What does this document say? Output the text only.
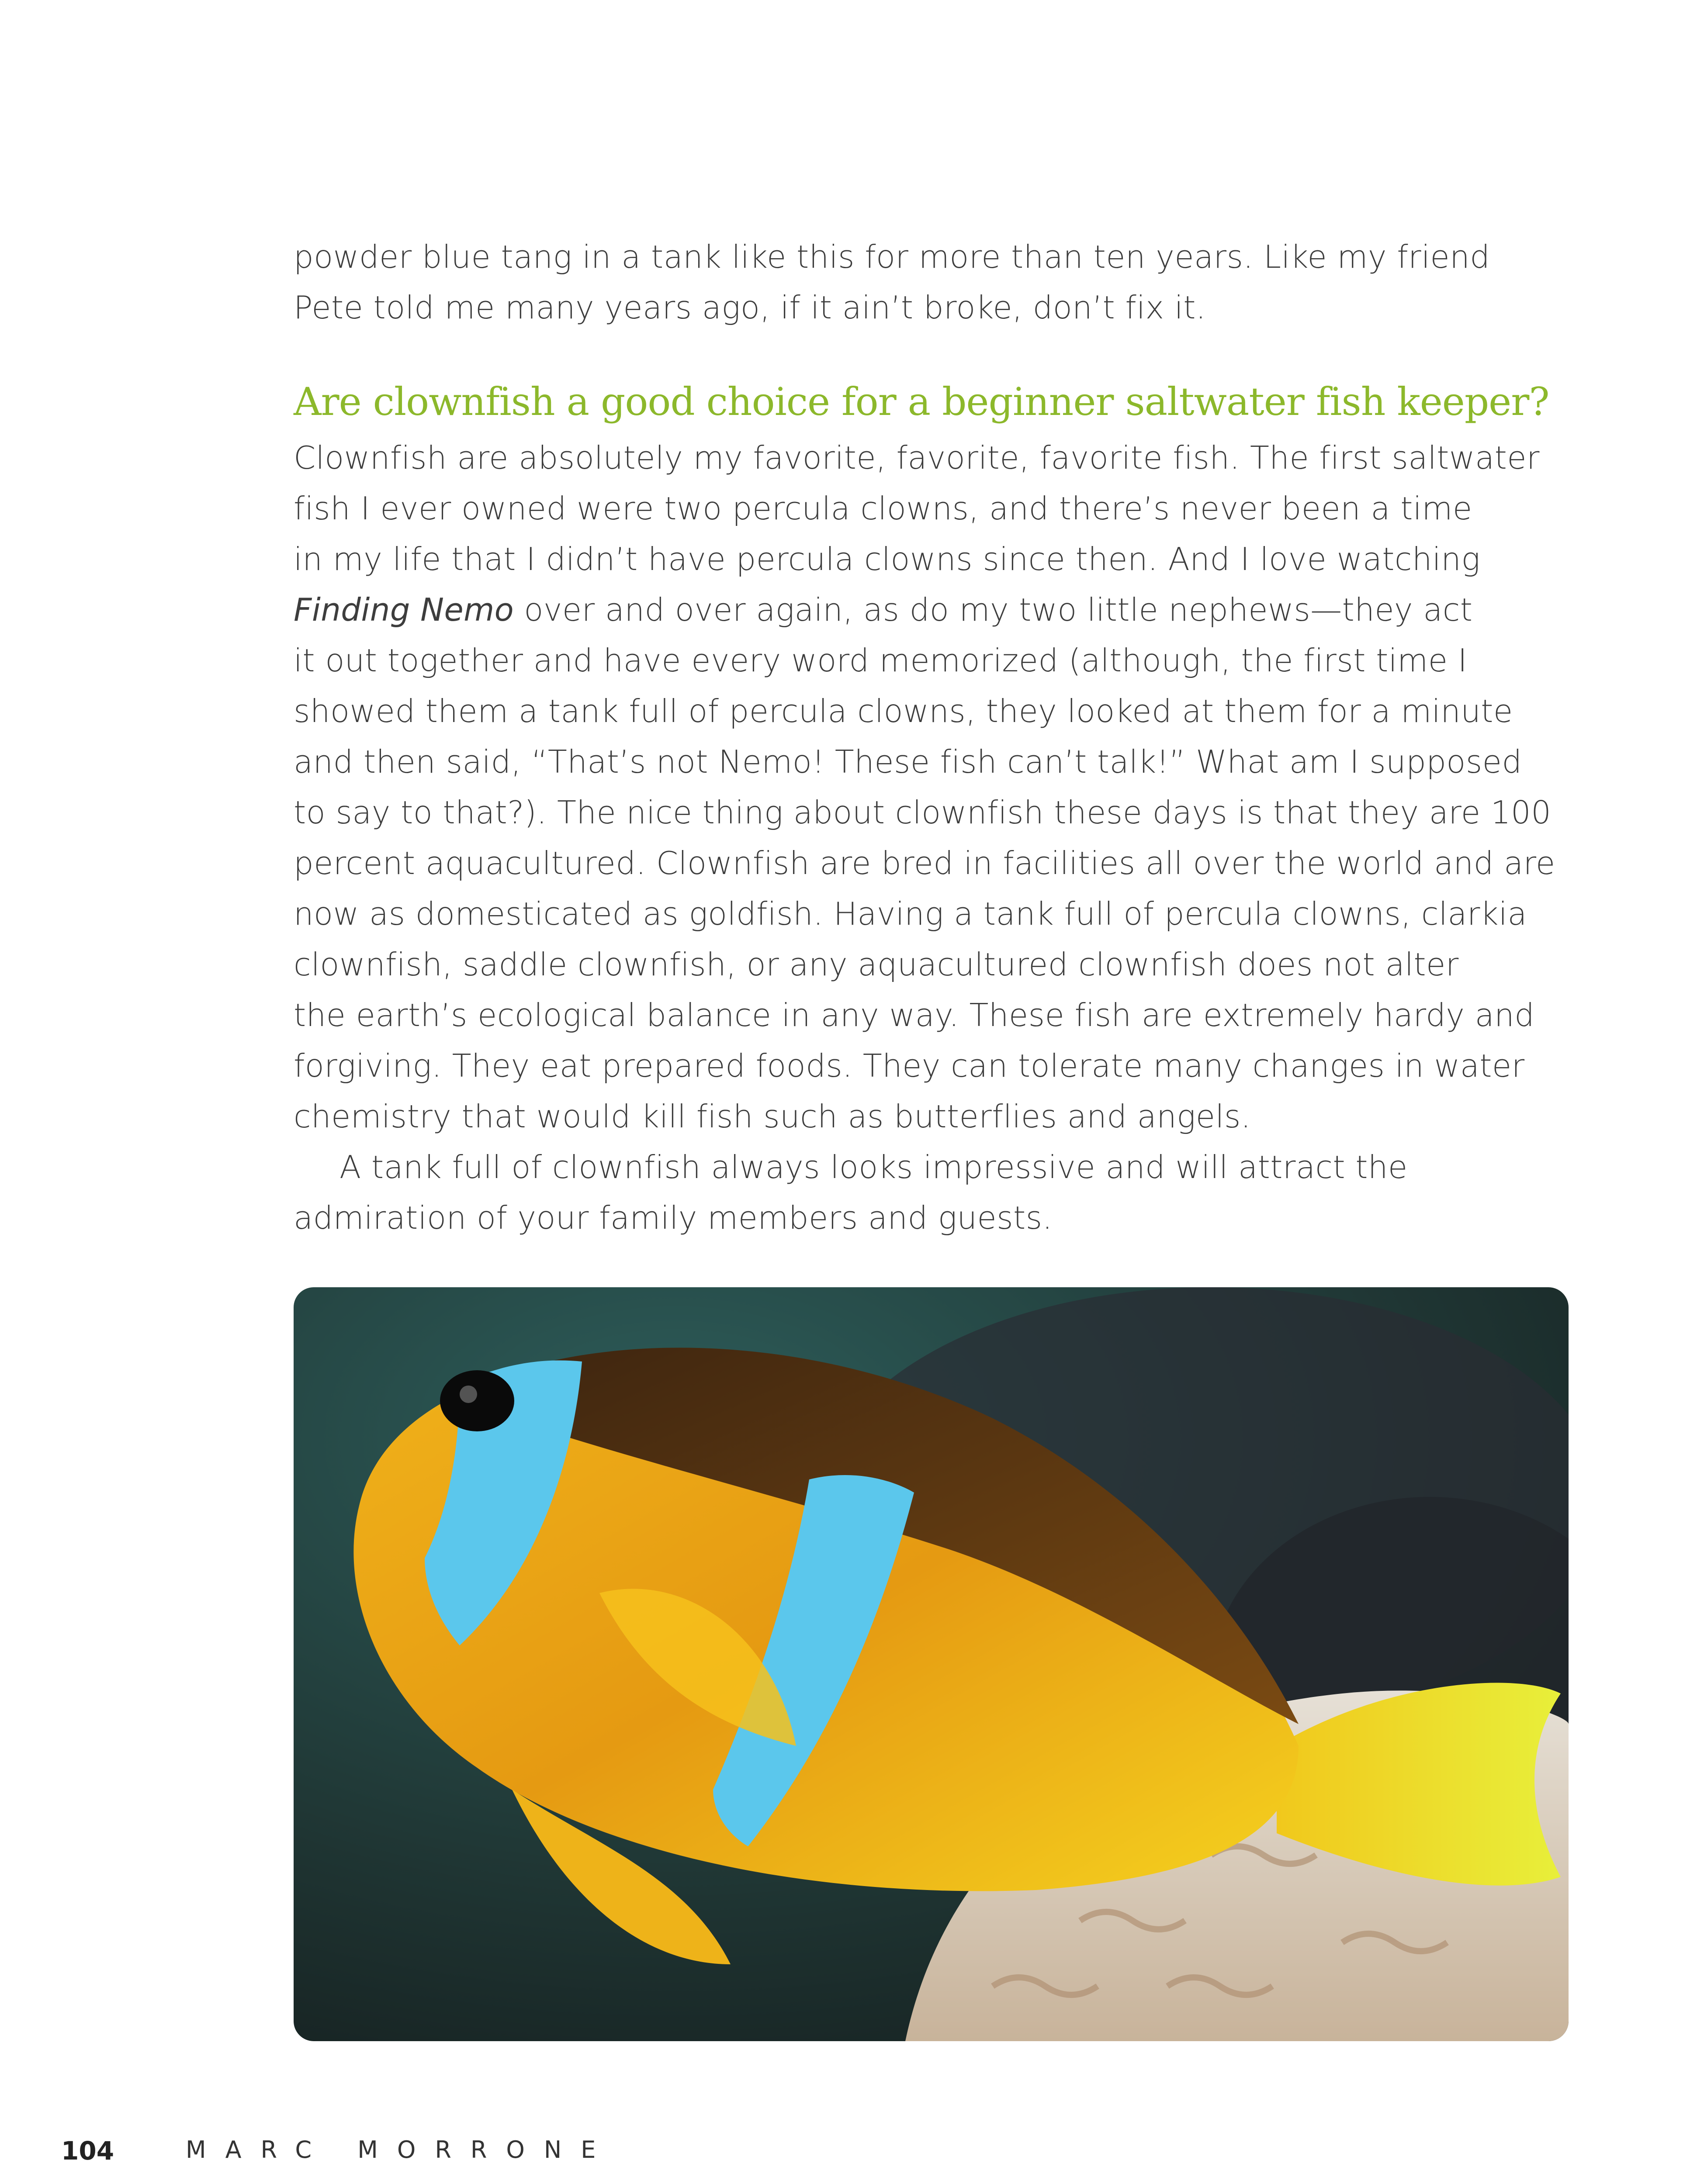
powder blue tang in a tank like this for more than ten years. Like my friend
Pete told me many years ago, if it ain’t broke, don’t fix it.
Are clownfish a good choice for a beginner saltwater fish keeper?
Clownfish are absolutely my favorite, favorite, favorite fish. The first saltwater
fish I ever owned were two percula clowns, and there’s never been a time
in my life that I didn’t have percula clowns since then. And I love watching
Finding Nemo over and over again, as do my two little nephews—they act
it out together and have every word memorized (although, the first time I
showed them a tank full of percula clowns, they looked at them for a minute
and then said, “That’s not Nemo! These fish can’t talk!” What am I supposed
to say to that?). The nice thing about clownfish these days is that they are 100
percent aquacultured. Clownfish are bred in facilities all over the world and are
now as domesticated as goldfish. Having a tank full of percula clowns, clarkia
clownfish, saddle clownfish, or any aquacultured clownfish does not alter
the earth’s ecological balance in any way. These fish are extremely hardy and
forgiving. They eat prepared foods. They can tolerate many changes in water
chemistry that would kill fish such as butterflies and angels.
A tank full of clownfish always looks impressive and will attract the
admiration of your family members and guests.
104	MARC MORRONE
